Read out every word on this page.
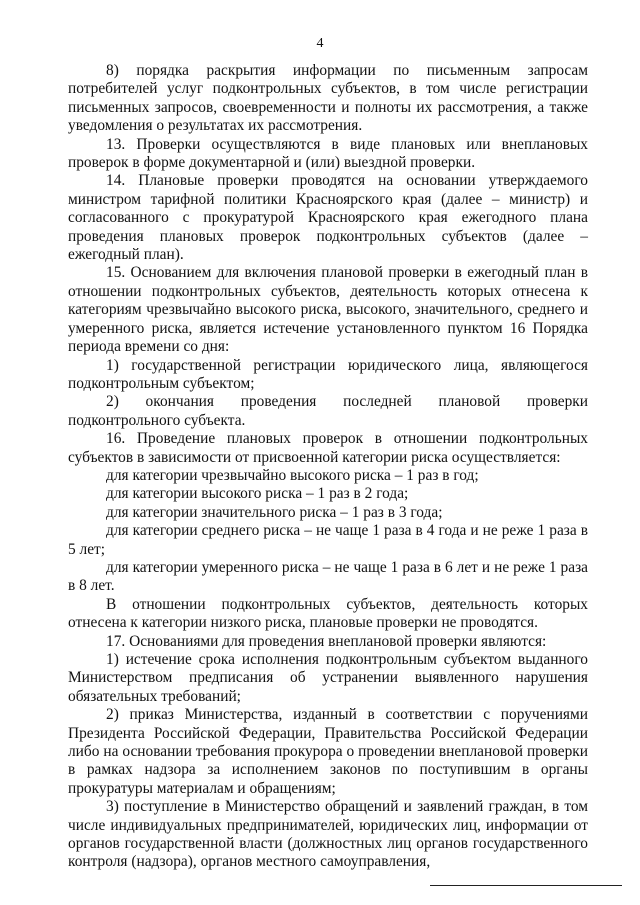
4

8) порядка раскрытия информации по письменным запросам потребителей услуг подконтрольных субъектов, в том числе регистрации письменных запросов, своевременности и полноты их рассмотрения, а также уведомления о результатах их рассмотрения.

13. Проверки осуществляются в виде плановых или внеплановых проверок в форме документарной и (или) выездной проверки.

14. Плановые проверки проводятся на основании утверждаемого министром тарифной политики Красноярского края (далее – министр) и согласованного с прокуратурой Красноярского края ежегодного плана проведения плановых проверок подконтрольных субъектов (далее – ежегодный план).

15. Основанием для включения плановой проверки в ежегодный план в отношении подконтрольных субъектов, деятельность которых отнесена к категориям чрезвычайно высокого риска, высокого, значительного, среднего и умеренного риска, является истечение установленного пунктом 16 Порядка периода времени со дня:

1) государственной регистрации юридического лица, являющегося подконтрольным субъектом;

2) окончания проведения последней плановой проверки подконтрольного субъекта.

16. Проведение плановых проверок в отношении подконтрольных субъектов в зависимости от присвоенной категории риска осуществляется:

для категории чрезвычайно высокого риска – 1 раз в год;

для категории высокого риска – 1 раз в 2 года;

для категории значительного риска – 1 раз в 3 года;

для категории среднего риска – не чаще 1 раза в 4 года и не реже 1 раза в 5 лет;

для категории умеренного риска – не чаще 1 раза в 6 лет и не реже 1 раза в 8 лет.

В отношении подконтрольных субъектов, деятельность которых отнесена к категории низкого риска, плановые проверки не проводятся.

17. Основаниями для проведения внеплановой проверки являются:

1) истечение срока исполнения подконтрольным субъектом выданного Министерством предписания об устранении выявленного нарушения обязательных требований;

2) приказ Министерства, изданный в соответствии с поручениями Президента Российской Федерации, Правительства Российской Федерации либо на основании требования прокурора о проведении внеплановой проверки в рамках надзора за исполнением законов по поступившим в органы прокуратуры материалам и обращениям;

3) поступление в Министерство обращений и заявлений граждан, в том числе индивидуальных предпринимателей, юридических лиц, информации от органов государственной власти (должностных лиц органов государственного контроля (надзора), органов местного самоуправления,
